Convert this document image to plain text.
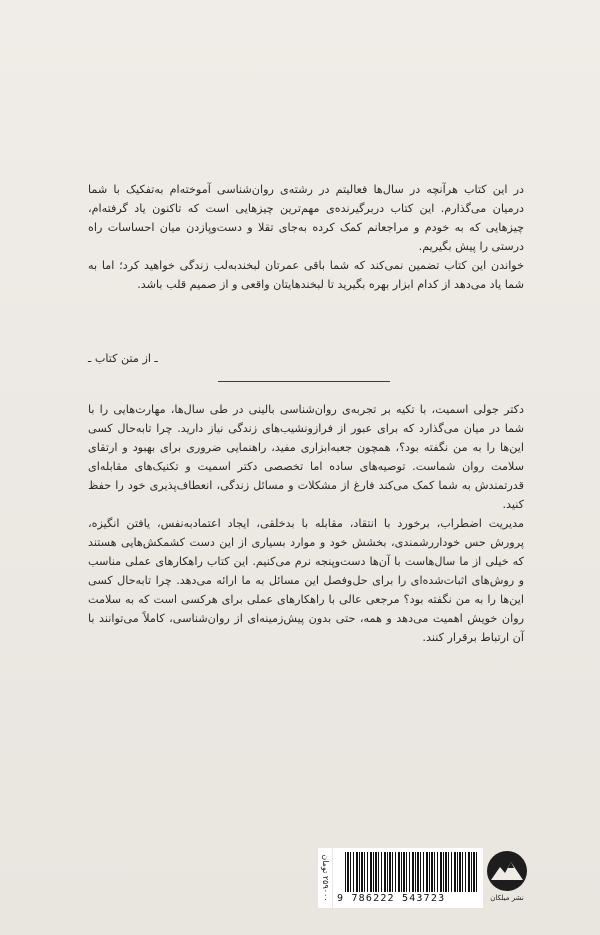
در این کتاب هرآنچه در سال‌ها فعالیتم در رشته‌ی روان‌شناسی آموخته‌ام به‌تفکیک با شما درمیان می‌گذارم. این کتاب دربرگیرنده‌ی مهم‌ترین چیزهایی است که تاکنون یاد گرفته‌ام، چیزهایی که به خودم و مراجعانم کمک کرده به‌جای تقلا و دست‌وپازدن میان احساسات راه درستی را پیش بگیریم.

خواندن این کتاب تضمین نمی‌کند که شما باقی عمرتان لبخندبه‌لب زندگی خواهید کرد؛ اما به شما یاد می‌دهد از کدام ابزار بهره بگیرید تا لبخندهایتان واقعی و از صمیم قلب باشد.

ـ از متن کتاب ـ

دکتر جولی اسمیت، با تکیه بر تجربه‌ی روان‌شناسی بالینی در طی سال‌ها، مهارت‌هایی را با شما در میان می‌گذارد که برای عبور از فرازونشیب‌های زندگی نیاز دارید. چرا تابه‌حال کسی این‌ها را به من نگفته بود؟، همچون جعبه‌ابزاری مفید، راهنمایی ضروری برای بهبود و ارتقای سلامت روان شماست. توصیه‌های ساده اما تخصصی دکتر اسمیت و تکنیک‌های مقابله‌ای قدرتمندش به شما کمک می‌کند فارغ از مشکلات و مسائل زندگی، انعطاف‌پذیری خود را حفظ کنید.

مدیریت اضطراب، برخورد با انتقاد، مقابله با بدخلقی، ایجاد اعتمادبه‌نفس، یافتن انگیزه، پرورش حس خوداررشمندی، بخشش خود و موارد بسیاری از این دست کشمکش‌هایی هستند که خیلی از ما سال‌هاست با آن‌ها دست‌وپنجه نرم می‌کنیم. این کتاب راهکارهای عملی مناسب و روش‌های اثبات‌شده‌ای را برای حل‌وفصل این مسائل به ما ارائه می‌دهد. چرا تابه‌حال کسی این‌ها را به من نگفته بود؟ مرجعی عالی با راهکارهای عملی برای هرکسی است که به سلامت روان خویش اهمیت می‌دهد و همه، حتی بدون پیش‌زمینه‌ای از روان‌شناسی، کاملاً می‌توانند با آن ارتباط برقرار کنند.

۲۵۹۰۰۰ تومان 9 786222 543723	نشر میلکان
